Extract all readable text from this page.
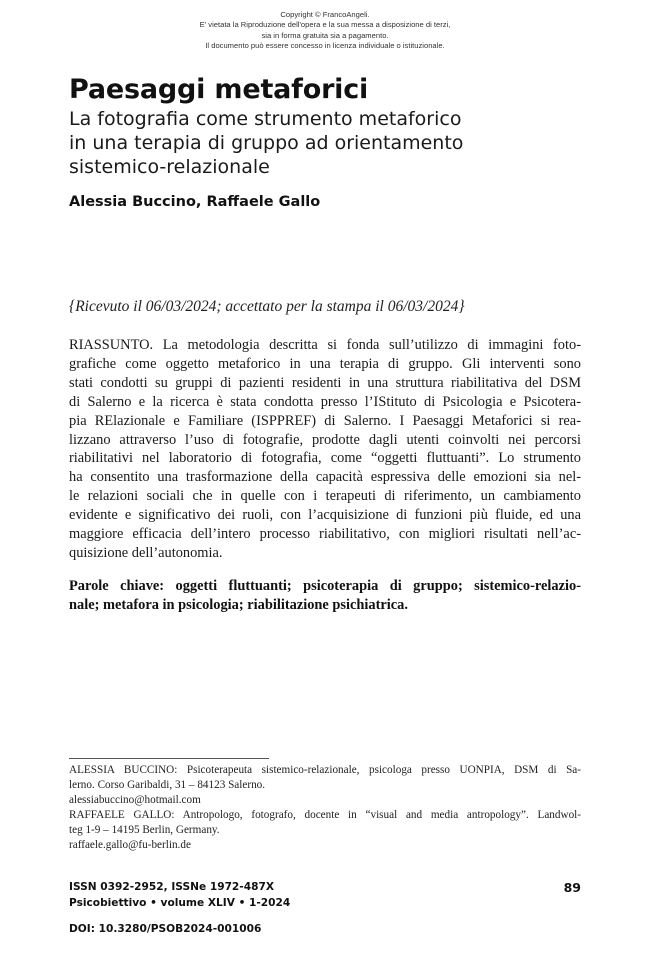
Copyright © FrancoAngeli.
E' vietata la Riproduzione dell'opera e la sua messa a disposizione di terzi,
sia in forma gratuita sia a pagamento.
Il documento può essere concesso in licenza individuale o istituzionale.
Paesaggi metaforici
La fotografia come strumento metaforico
in una terapia di gruppo ad orientamento
sistemico-relazionale
Alessia Buccino, Raffaele Gallo
{Ricevuto il 06/03/2024; accettato per la stampa il 06/03/2024}
RIASSUNTO. La metodologia descritta si fonda sull’utilizzo di immagini foto-
grafiche come oggetto metaforico in una terapia di gruppo. Gli interventi sono
stati condotti su gruppi di pazienti residenti in una struttura riabilitativa del DSM
di Salerno e la ricerca è stata condotta presso l’IStituto di Psicologia e Psicotera-
pia RElazionale e Familiare (ISPPREF) di Salerno. I Paesaggi Metaforici si rea-
lizzano attraverso l’uso di fotografie, prodotte dagli utenti coinvolti nei percorsi
riabilitativi nel laboratorio di fotografia, come “oggetti fluttuanti”. Lo strumento
ha consentito una trasformazione della capacità espressiva delle emozioni sia nel-
le relazioni sociali che in quelle con i terapeuti di riferimento, un cambiamento
evidente e significativo dei ruoli, con l’acquisizione di funzioni più fluide, ed una
maggiore efficacia dell’intero processo riabilitativo, con migliori risultati nell’ac-
quisizione dell’autonomia.
Parole chiave: oggetti fluttuanti; psicoterapia di gruppo; sistemico-relazio-
nale; metafora in psicologia; riabilitazione psichiatrica.
ALESSIA BUCCINO: Psicoterapeuta sistemico-relazionale, psicologa presso UONPIA, DSM di Sa-
lerno. Corso Garibaldi, 31 – 84123 Salerno.
alessiabuccino@hotmail.com
RAFFAELE GALLO: Antropologo, fotografo, docente in “visual and media antropology”. Landwol-
teg 1-9 – 14195 Berlin, Germany.
raffaele.gallo@fu-berlin.de
ISSN 0392-2952, ISSNe 1972-487X
Psicobiettivo • volume XLIV • 1-2024
89
DOI: 10.3280/PSOB2024-001006
